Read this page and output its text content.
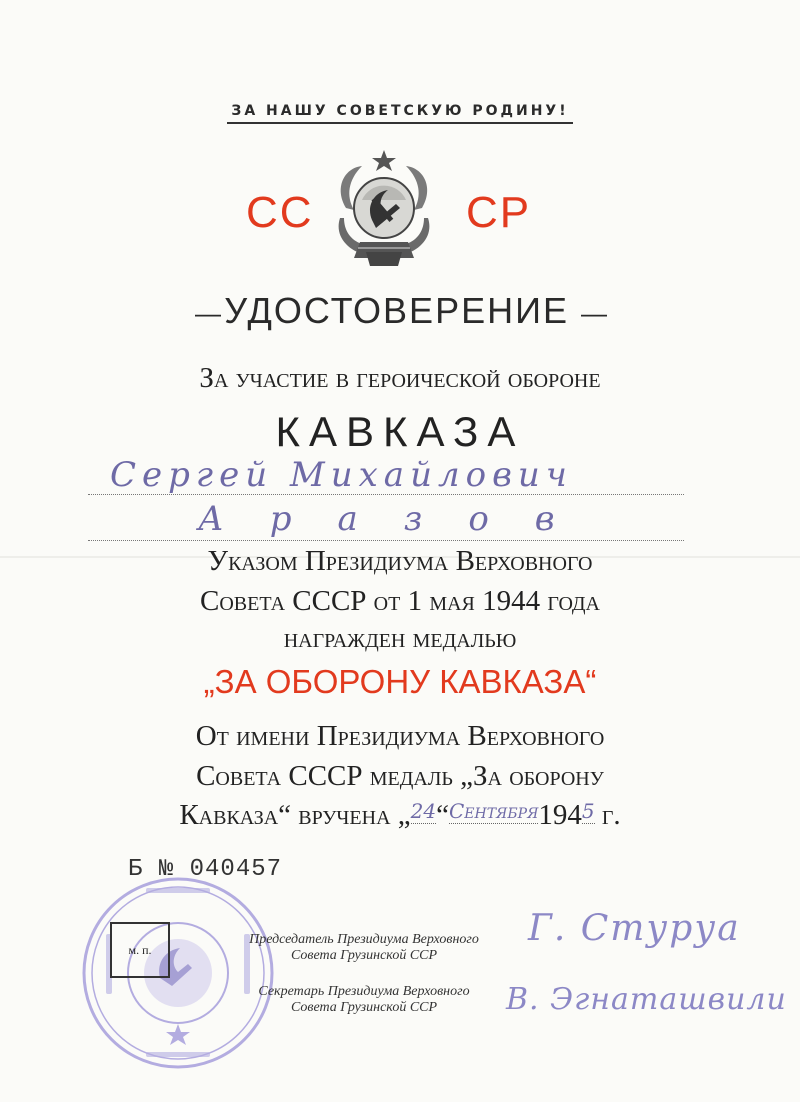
ЗА НАШУ СОВЕТСКУЮ РОДИНУ!
СС	СР
— УДОСТОВЕРЕНИЕ —
За участие в героической обороне
КАВКАЗА
Сергей Михайлович
Аразов
Указом Президиума Верховного
Совета СССР от 1 мая 1944 года
награжден медалью
„ЗА ОБОРОНУ КАВКАЗА“
От имени Президиума Верховного
Совета СССР медаль „За оборону
Кавказа“ вручена $„^{24}“^{Сентября}194^5$ г.
Б № 040457
м. п.
Председатель Президиума Верховного
Совета Грузинской ССР
Секретарь Президиума Верховного
Совета Грузинской ССР
Г. Стуруа
В. Эгнаташвили
